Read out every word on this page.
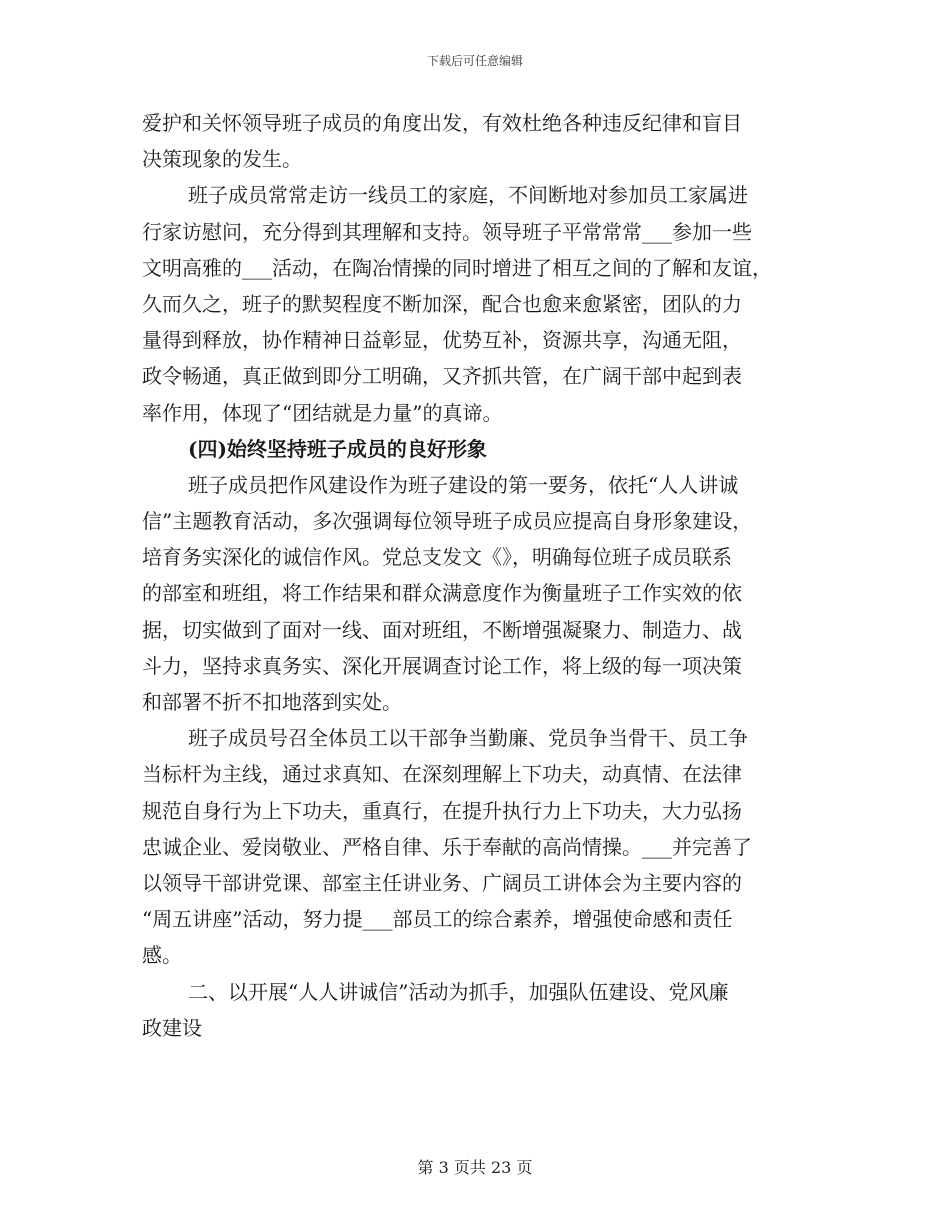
下载后可任意编辑
爱护和关怀领导班子成员的角度出发，有效杜绝各种违反纪律和盲目
决策现象的发生。
班子成员常常走访一线员工的家庭，不间断地对参加员工家属进
行家访慰问，充分得到其理解和支持。领导班子平常常常___参加一些
文明高雅的___活动，在陶冶情操的同时增进了相互之间的了解和友谊，
久而久之，班子的默契程度不断加深，配合也愈来愈紧密，团队的力
量得到释放，协作精神日益彰显，优势互补，资源共享，沟通无阻，
政令畅通，真正做到即分工明确，又齐抓共管，在广阔干部中起到表
率作用，体现了“团结就是力量”的真谛。
(四)始终坚持班子成员的良好形象
班子成员把作风建设作为班子建设的第一要务，依托“人人讲诚
信”主题教育活动，多次强调每位领导班子成员应提高自身形象建设，
培育务实深化的诚信作风。党总支发文《》，明确每位班子成员联系
的部室和班组，将工作结果和群众满意度作为衡量班子工作实效的依
据，切实做到了面对一线、面对班组，不断增强凝聚力、制造力、战
斗力，坚持求真务实、深化开展调查讨论工作，将上级的每一项决策
和部署不折不扣地落到实处。
班子成员号召全体员工以干部争当勤廉、党员争当骨干、员工争
当标杆为主线，通过求真知、在深刻理解上下功夫，动真情、在法律
规范自身行为上下功夫，重真行，在提升执行力上下功夫，大力弘扬
忠诚企业、爱岗敬业、严格自律、乐于奉献的高尚情操。___并完善了
以领导干部讲党课、部室主任讲业务、广阔员工讲体会为主要内容的
“周五讲座”活动，努力提___部员工的综合素养，增强使命感和责任
感。
二、以开展“人人讲诚信”活动为抓手，加强队伍建设、党风廉
政建设
第 3 页共 23 页
